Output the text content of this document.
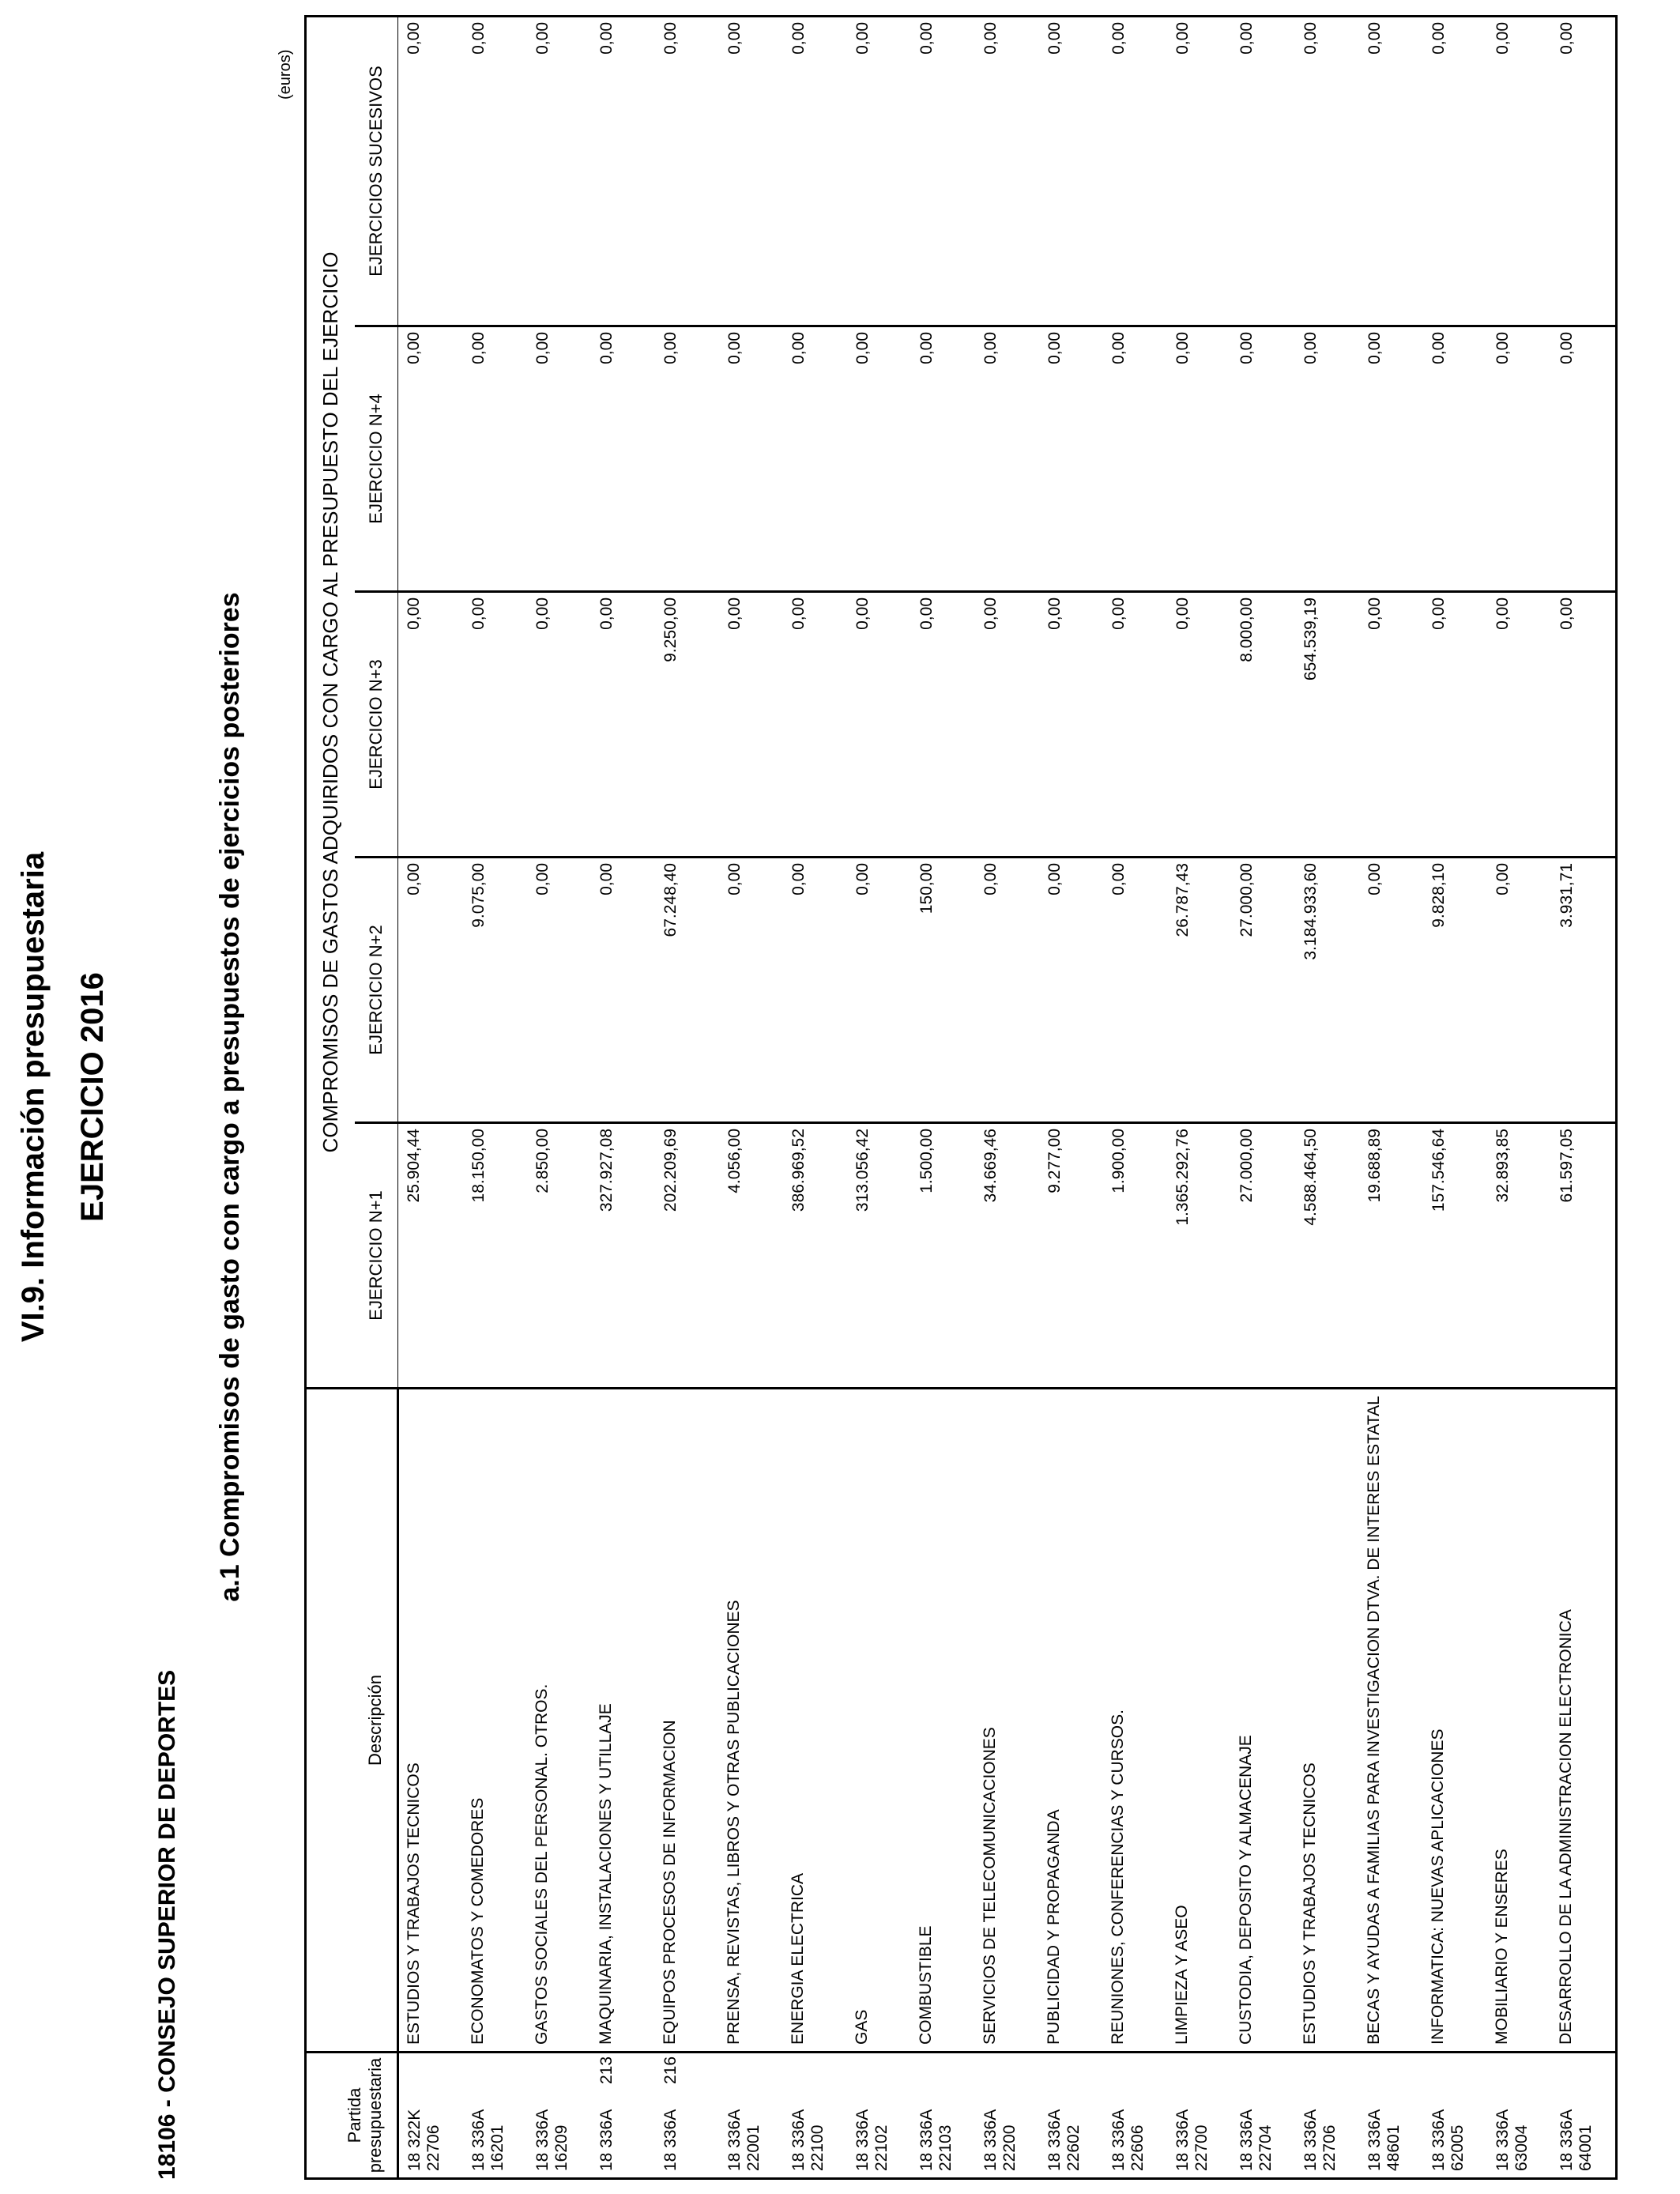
VI.9. Información presupuestaria EJERCICIO 2016
18106 - CONSEJO SUPERIOR DE DEPORTES
a.1 Compromisos de gasto con cargo a presupuestos de ejercicios posteriores
(euros)
Partida presupuestaria	Descripción	COMPROMISOS DE GASTOS ADQUIRIDOS CON CARGO AL PRESUPUESTO DEL EJERCICIO				
		EJERCICIO N+1	EJERCICIO N+2	EJERCICIO N+3	EJERCICIO N+4	EJERCICIOS SUCESIVOS
18 322K22706	ESTUDIOS Y TRABAJOS TECNICOS	25.904,44	0,00	0,00	0,00	0,00
18 336A16201	ECONOMATOS Y COMEDORES	18.150,00	9.075,00	0,00	0,00	0,00
18 336A16209	GASTOS SOCIALES DEL PERSONAL. OTROS.	2.850,00	0,00	0,00	0,00	0,00
18 336A213	MAQUINARIA, INSTALACIONES Y UTILLAJE	327.927,08	0,00	0,00	0,00	0,00
18 336A216	EQUIPOS PROCESOS DE INFORMACION	202.209,69	67.248,40	9.250,00	0,00	0,00
18 336A22001	PRENSA, REVISTAS, LIBROS Y OTRAS PUBLICACIONES	4.056,00	0,00	0,00	0,00	0,00
18 336A22100	ENERGIA ELECTRICA	386.969,52	0,00	0,00	0,00	0,00
18 336A22102	GAS	313.056,42	0,00	0,00	0,00	0,00
18 336A22103	COMBUSTIBLE	1.500,00	150,00	0,00	0,00	0,00
18 336A22200	SERVICIOS DE TELECOMUNICACIONES	34.669,46	0,00	0,00	0,00	0,00
18 336A22602	PUBLICIDAD Y PROPAGANDA	9.277,00	0,00	0,00	0,00	0,00
18 336A22606	REUNIONES, CONFERENCIAS Y CURSOS.	1.900,00	0,00	0,00	0,00	0,00
18 336A22700	LIMPIEZA Y ASEO	1.365.292,76	26.787,43	0,00	0,00	0,00
18 336A22704	CUSTODIA, DEPOSITO Y ALMACENAJE	27.000,00	27.000,00	8.000,00	0,00	0,00
18 336A22706	ESTUDIOS Y TRABAJOS TECNICOS	4.588.464,50	3.184.933,60	654.539,19	0,00	0,00
18 336A48601	BECAS Y AYUDAS A FAMILIAS PARA INVESTIGACION DTVA. DE INTERES ESTATAL	19.688,89	0,00	0,00	0,00	0,00
18 336A62005	INFORMATICA: NUEVAS APLICACIONES	157.546,64	9.828,10	0,00	0,00	0,00
18 336A63004	MOBILIARIO Y ENSERES	32.893,85	0,00	0,00	0,00	0,00
18 336A64001	DESARROLLO DE LA ADMINISTRACION ELECTRONICA	61.597,05	3.931,71	0,00	0,00	0,00
